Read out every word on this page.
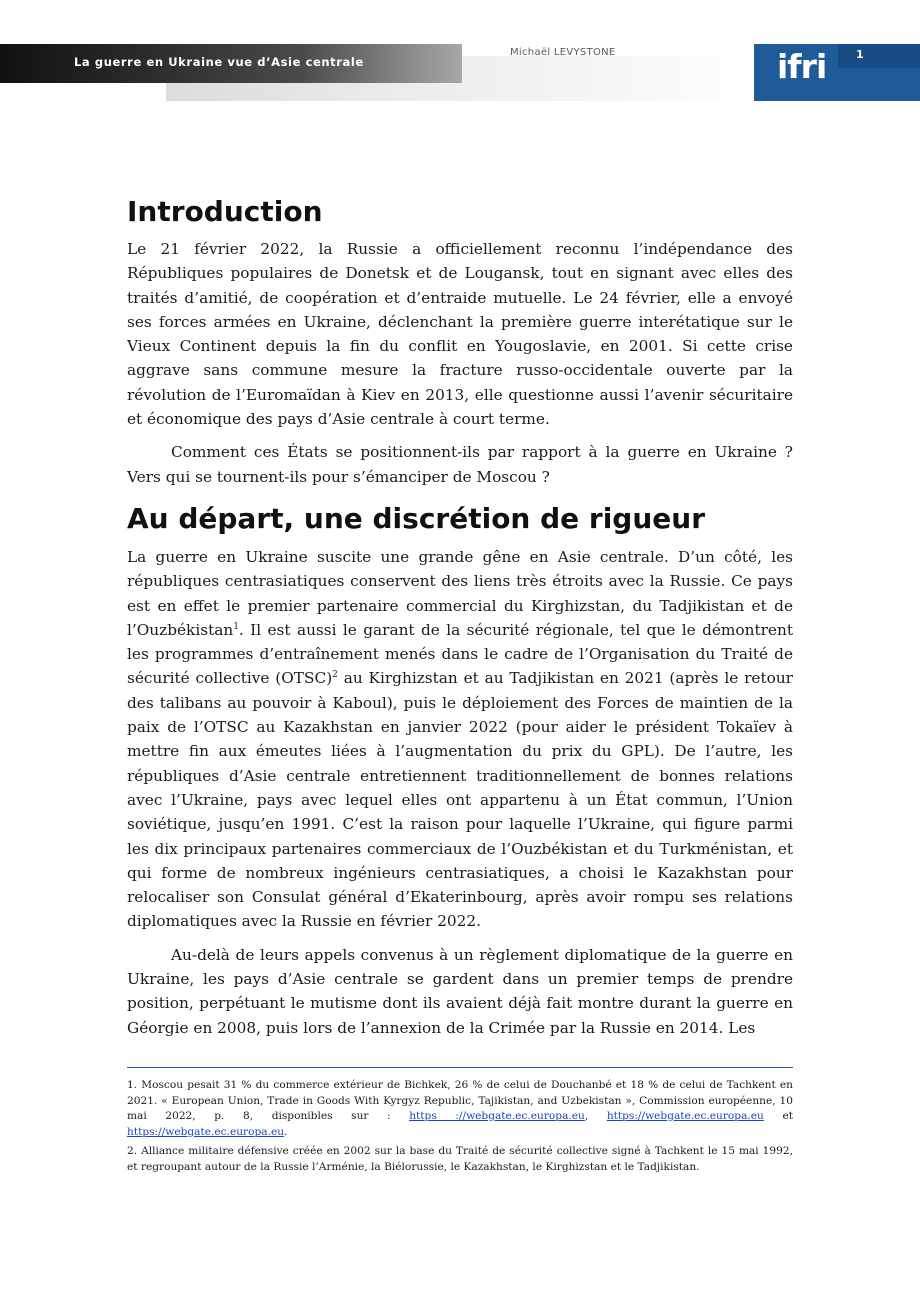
La guerre en Ukraine vue d’Asie centrale
Michaël LEVYSTONE	ifri	1
Introduction

Le 21 février 2022, la Russie a officiellement reconnu l’indépendance des Républiques populaires de Donetsk et de Lougansk, tout en signant avec elles des traités d’amitié, de coopération et d’entraide mutuelle. Le 24 février, elle a envoyé ses forces armées en Ukraine, déclenchant la première guerre interétatique sur le Vieux Continent depuis la fin du conflit en Yougoslavie, en 2001. Si cette crise aggrave sans commune mesure la fracture russo-occidentale ouverte par la révolution de l’Euromaïdan à Kiev en 2013, elle questionne aussi l’avenir sécuritaire et économique des pays d’Asie centrale à court terme.

Comment ces États se positionnent-ils par rapport à la guerre en Ukraine ? Vers qui se tournent-ils pour s’émanciper de Moscou ?

Au départ, une discrétion de rigueur

La guerre en Ukraine suscite une grande gêne en Asie centrale. D’un côté, les républiques centrasiatiques conservent des liens très étroits avec la Russie. Ce pays est en effet le premier partenaire commercial du Kirghizstan, du Tadjikistan et de l’Ouzbékistan$^1$. Il est aussi le garant de la sécurité régionale, tel que le démontrent les programmes d’entraînement menés dans le cadre de l’Organisation du Traité de sécurité collective (OTSC)$^2$ au Kirghizstan et au Tadjikistan en 2021 (après le retour des talibans au pouvoir à Kaboul), puis le déploiement des Forces de maintien de la paix de l’OTSC au Kazakhstan en janvier 2022 (pour aider le président Tokaïev à mettre fin aux émeutes liées à l’augmentation du prix du GPL). De l’autre, les républiques d’Asie centrale entretiennent traditionnellement de bonnes relations avec l’Ukraine, pays avec lequel elles ont appartenu à un État commun, l’Union soviétique, jusqu’en 1991. C’est la raison pour laquelle l’Ukraine, qui figure parmi les dix principaux partenaires commerciaux de l’Ouzbékistan et du Turkménistan, et qui forme de nombreux ingénieurs centrasiatiques, a choisi le Kazakhstan pour relocaliser son Consulat général d’Ekaterinbourg, après avoir rompu ses relations diplomatiques avec la Russie en février 2022.

Au-delà de leurs appels convenus à un règlement diplomatique de la guerre en Ukraine, les pays d’Asie centrale se gardent dans un premier temps de prendre position, perpétuant le mutisme dont ils avaient déjà fait montre durant la guerre en Géorgie en 2008, puis lors de l’annexion de la Crimée par la Russie en 2014. Les

1. Moscou pesait 31 % du commerce extérieur de Bichkek, 26 % de celui de Douchanbé et 18 % de celui de Tachkent en 2021. « European Union, Trade in Goods With Kyrgyz Republic, Tajikistan, and Uzbekistan », Commission européenne, 10 mai 2022, p. 8, disponibles sur : https ://webgate.ec.europa.eu, https://webgate.ec.europa.eu et https://webgate.ec.europa.eu.

2. Alliance militaire défensive créée en 2002 sur la base du Traité de sécurité collective signé à Tachkent le 15 mai 1992, et regroupant autour de la Russie l’Arménie, la Biélorussie, le Kazakhstan, le Kirghizstan et le Tadjikistan.
